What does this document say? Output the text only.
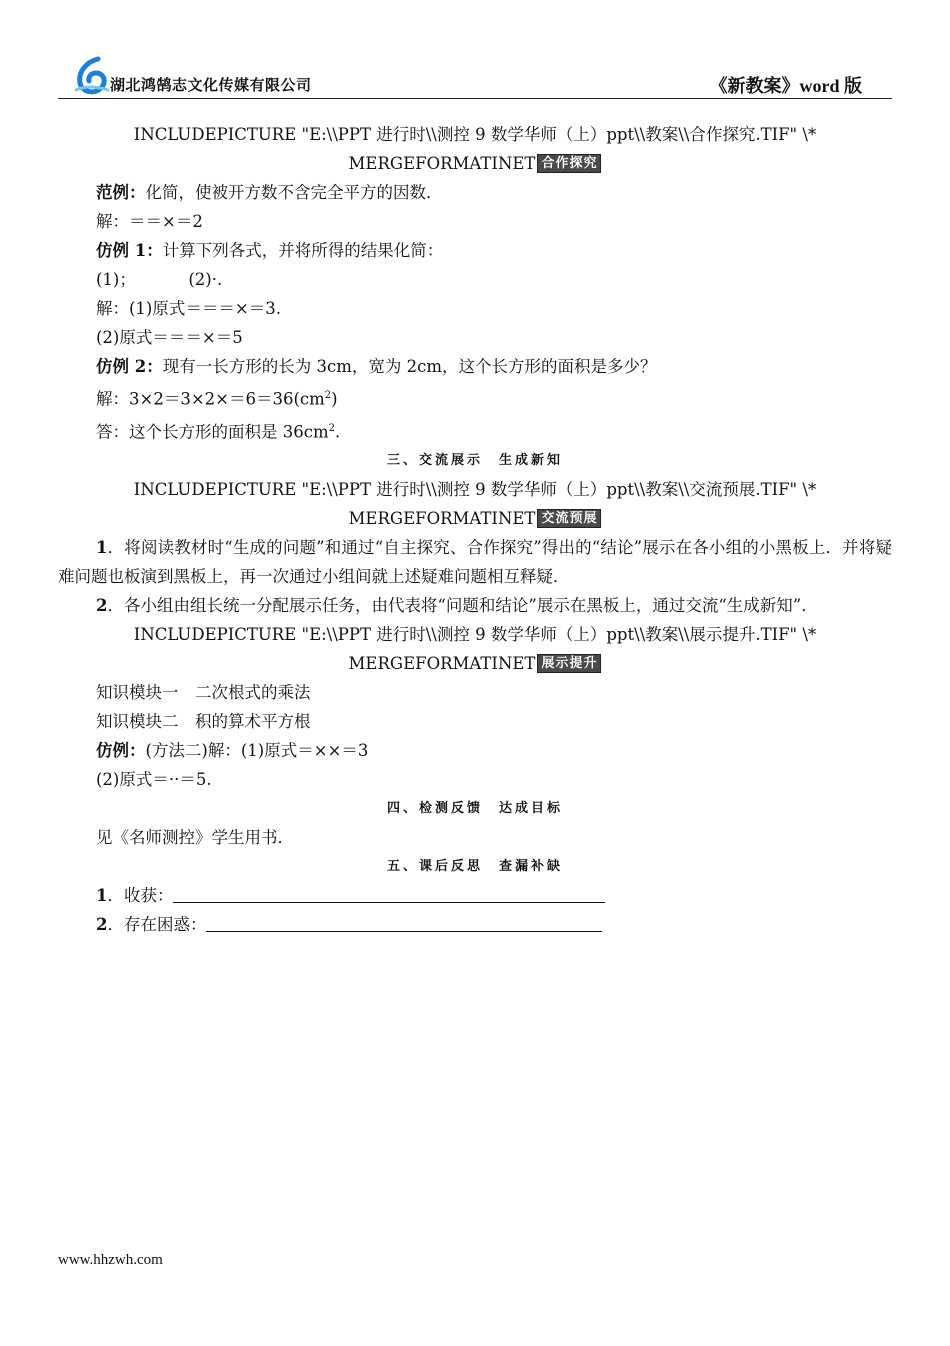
湖北鸿鹄志文化传媒有限公司	《新教案》word 版
INCLUDEPICTURE "E:\\PPT 进行时\\测控 9 数学华师（上）ppt\\教案\\合作探究.TIF" \*
MERGEFORMATINET 合作探究
范例：化简，使被开方数不含完全平方的因数．
解：＝＝×＝2
仿例 1：计算下列各式，并将所得的结果化简：
(1)；          (2)·.
解：(1)原式＝＝＝×＝3.
(2)原式＝＝＝×＝5
仿例 2：现有一长方形的长为 3cm，宽为 2cm，这个长方形的面积是多少？
解：$3\times 2=3\times 2\times=6=36(cm^2)$
答：这个长方形的面积是 $36cm^2$.
三、交流展示　生成新知
INCLUDEPICTURE "E:\\PPT 进行时\\测控 9 数学华师（上）ppt\\教案\\交流预展.TIF" \*
MERGEFORMATINET 交流预展
1．将阅读教材时“生成的问题”和通过“自主探究、合作探究”得出的“结论”展示在各小组的小黑板上．并将疑难问题也板演到黑板上，再一次通过小组间就上述疑难问题相互释疑．
2．各小组由组长统一分配展示任务，由代表将“问题和结论”展示在黑板上，通过交流“生成新知”．
INCLUDEPICTURE "E:\\PPT 进行时\\测控 9 数学华师（上）ppt\\教案\\展示提升.TIF" \*
MERGEFORMATINET 展示提升
知识模块一　二次根式的乘法
知识模块二　积的算术平方根
仿例：(方法二)解：(1)原式＝××＝3
(2)原式＝··＝5.
四、检测反馈　达成目标
见《名师测控》学生用书．
五、课后反思　查漏补缺
1．收获：
2．存在困惑：
www.hhzwh.com
